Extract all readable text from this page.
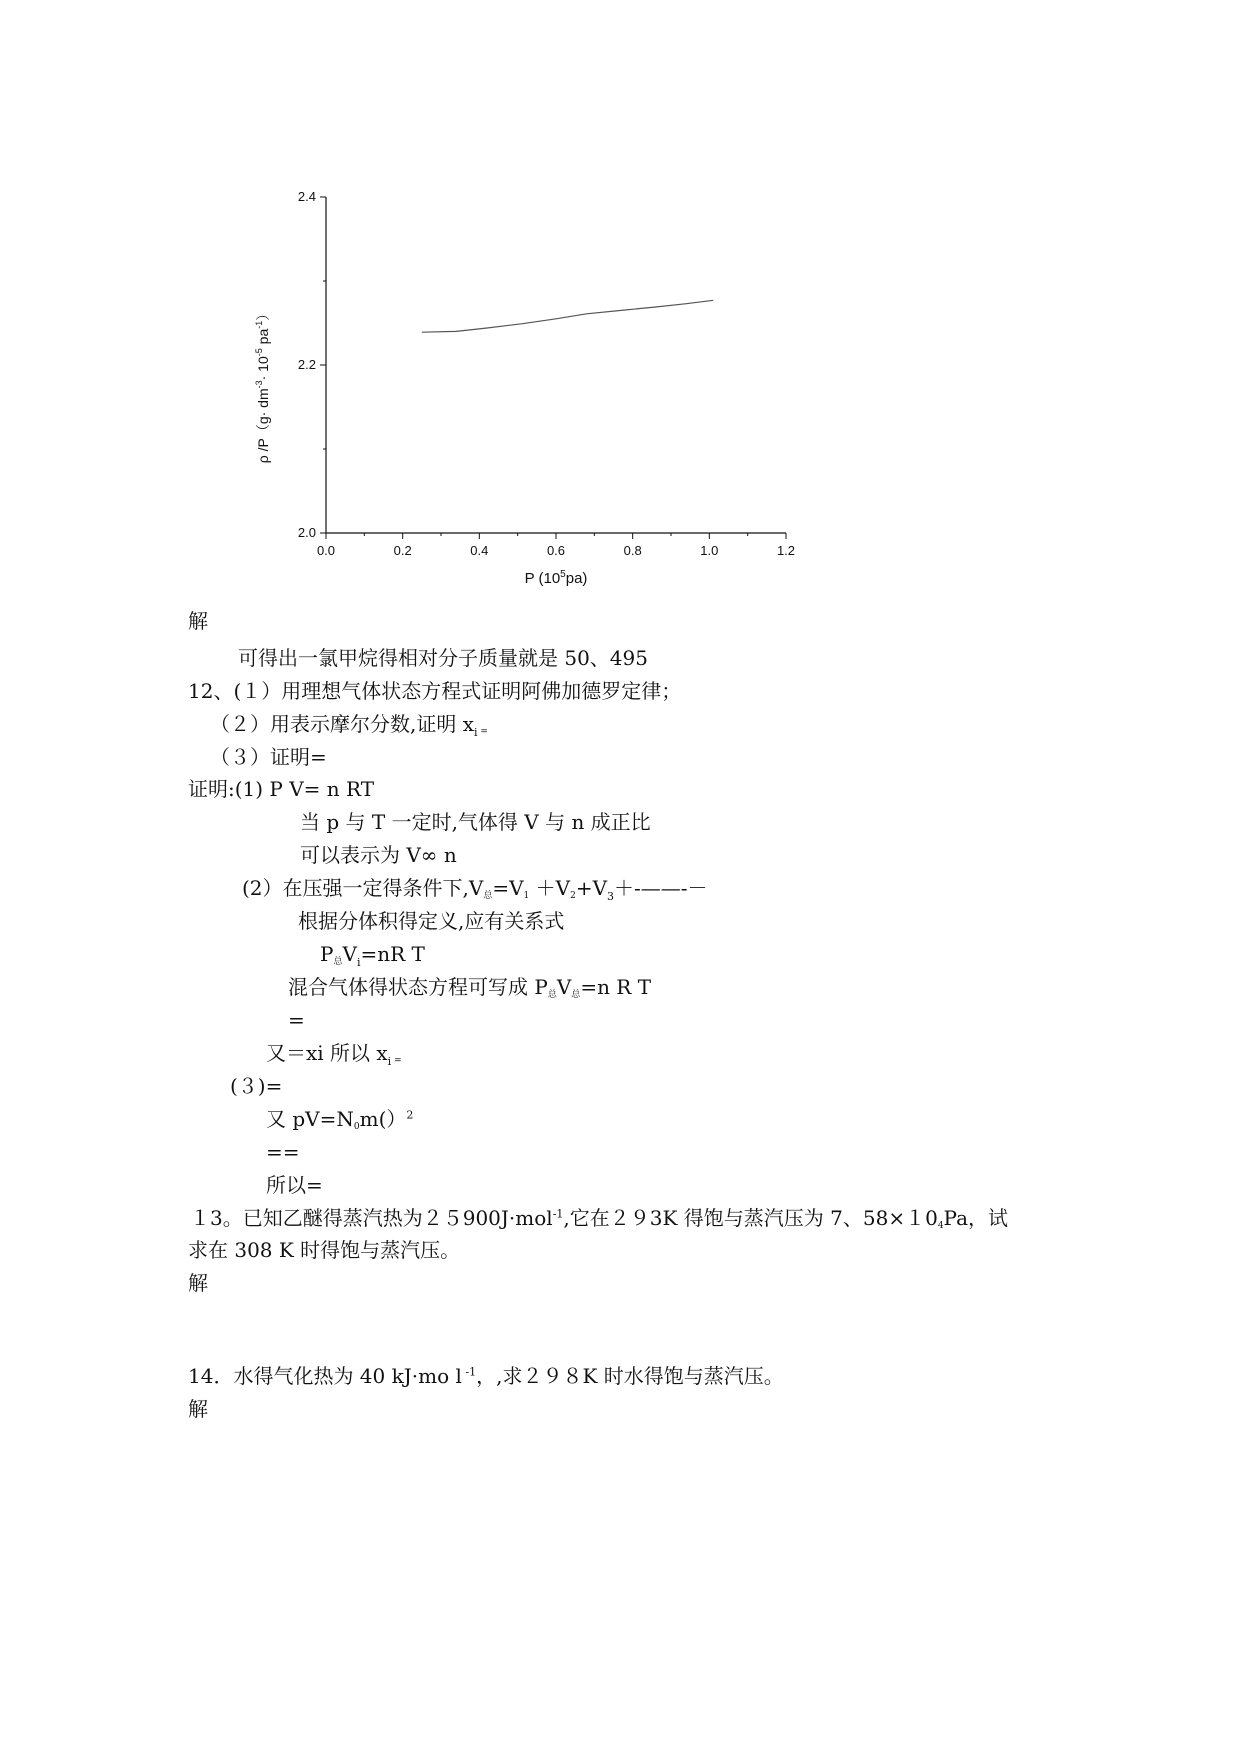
0.0	0.2	0.4	0.6	0.8	1.0	1.2
2.0
2.2
2.4
P $(10^5pa)$
ρ $/P(g\cdot dm^{-3}\cdot 10^{-5}$ $pa^{-1}$）
解
可得出一氯甲烷得相对分子质量就是 50、495
12、(１）用理想气体状态方程式证明阿佛加德罗定律；
（２）用表示摩尔分数,证明 $x_i$ =
（３）证明=
证明:(1) P V= n RT
当 p 与 T 一定时,气体得 V 与 n 成正比
可以表示为 V∞ n
(2）在压强一定得条件下$,V_总=V_1$ $+V_2+V_3+-——--$
根据分体积得定义,应有关系式
$P_总V_i=nR$ T
混合气体得状态方程可写成 $P_总V_总=n$ R T
=
又＝xi 所以 $x_i$ =
(３)=
又 $pV=N_0m()^2$
==
所以=
１3。已知乙醚得蒸汽热为２５900J·mol$^{-1}$,它在２９3K 得饱与蒸汽压为 7、$58\times 10^4Pa$，试
求在 308 K 时得饱与蒸汽压。
解
14．水得气化热为 40 kJ·mo l $^{-1}$，,求２９８K 时水得饱与蒸汽压。
解
